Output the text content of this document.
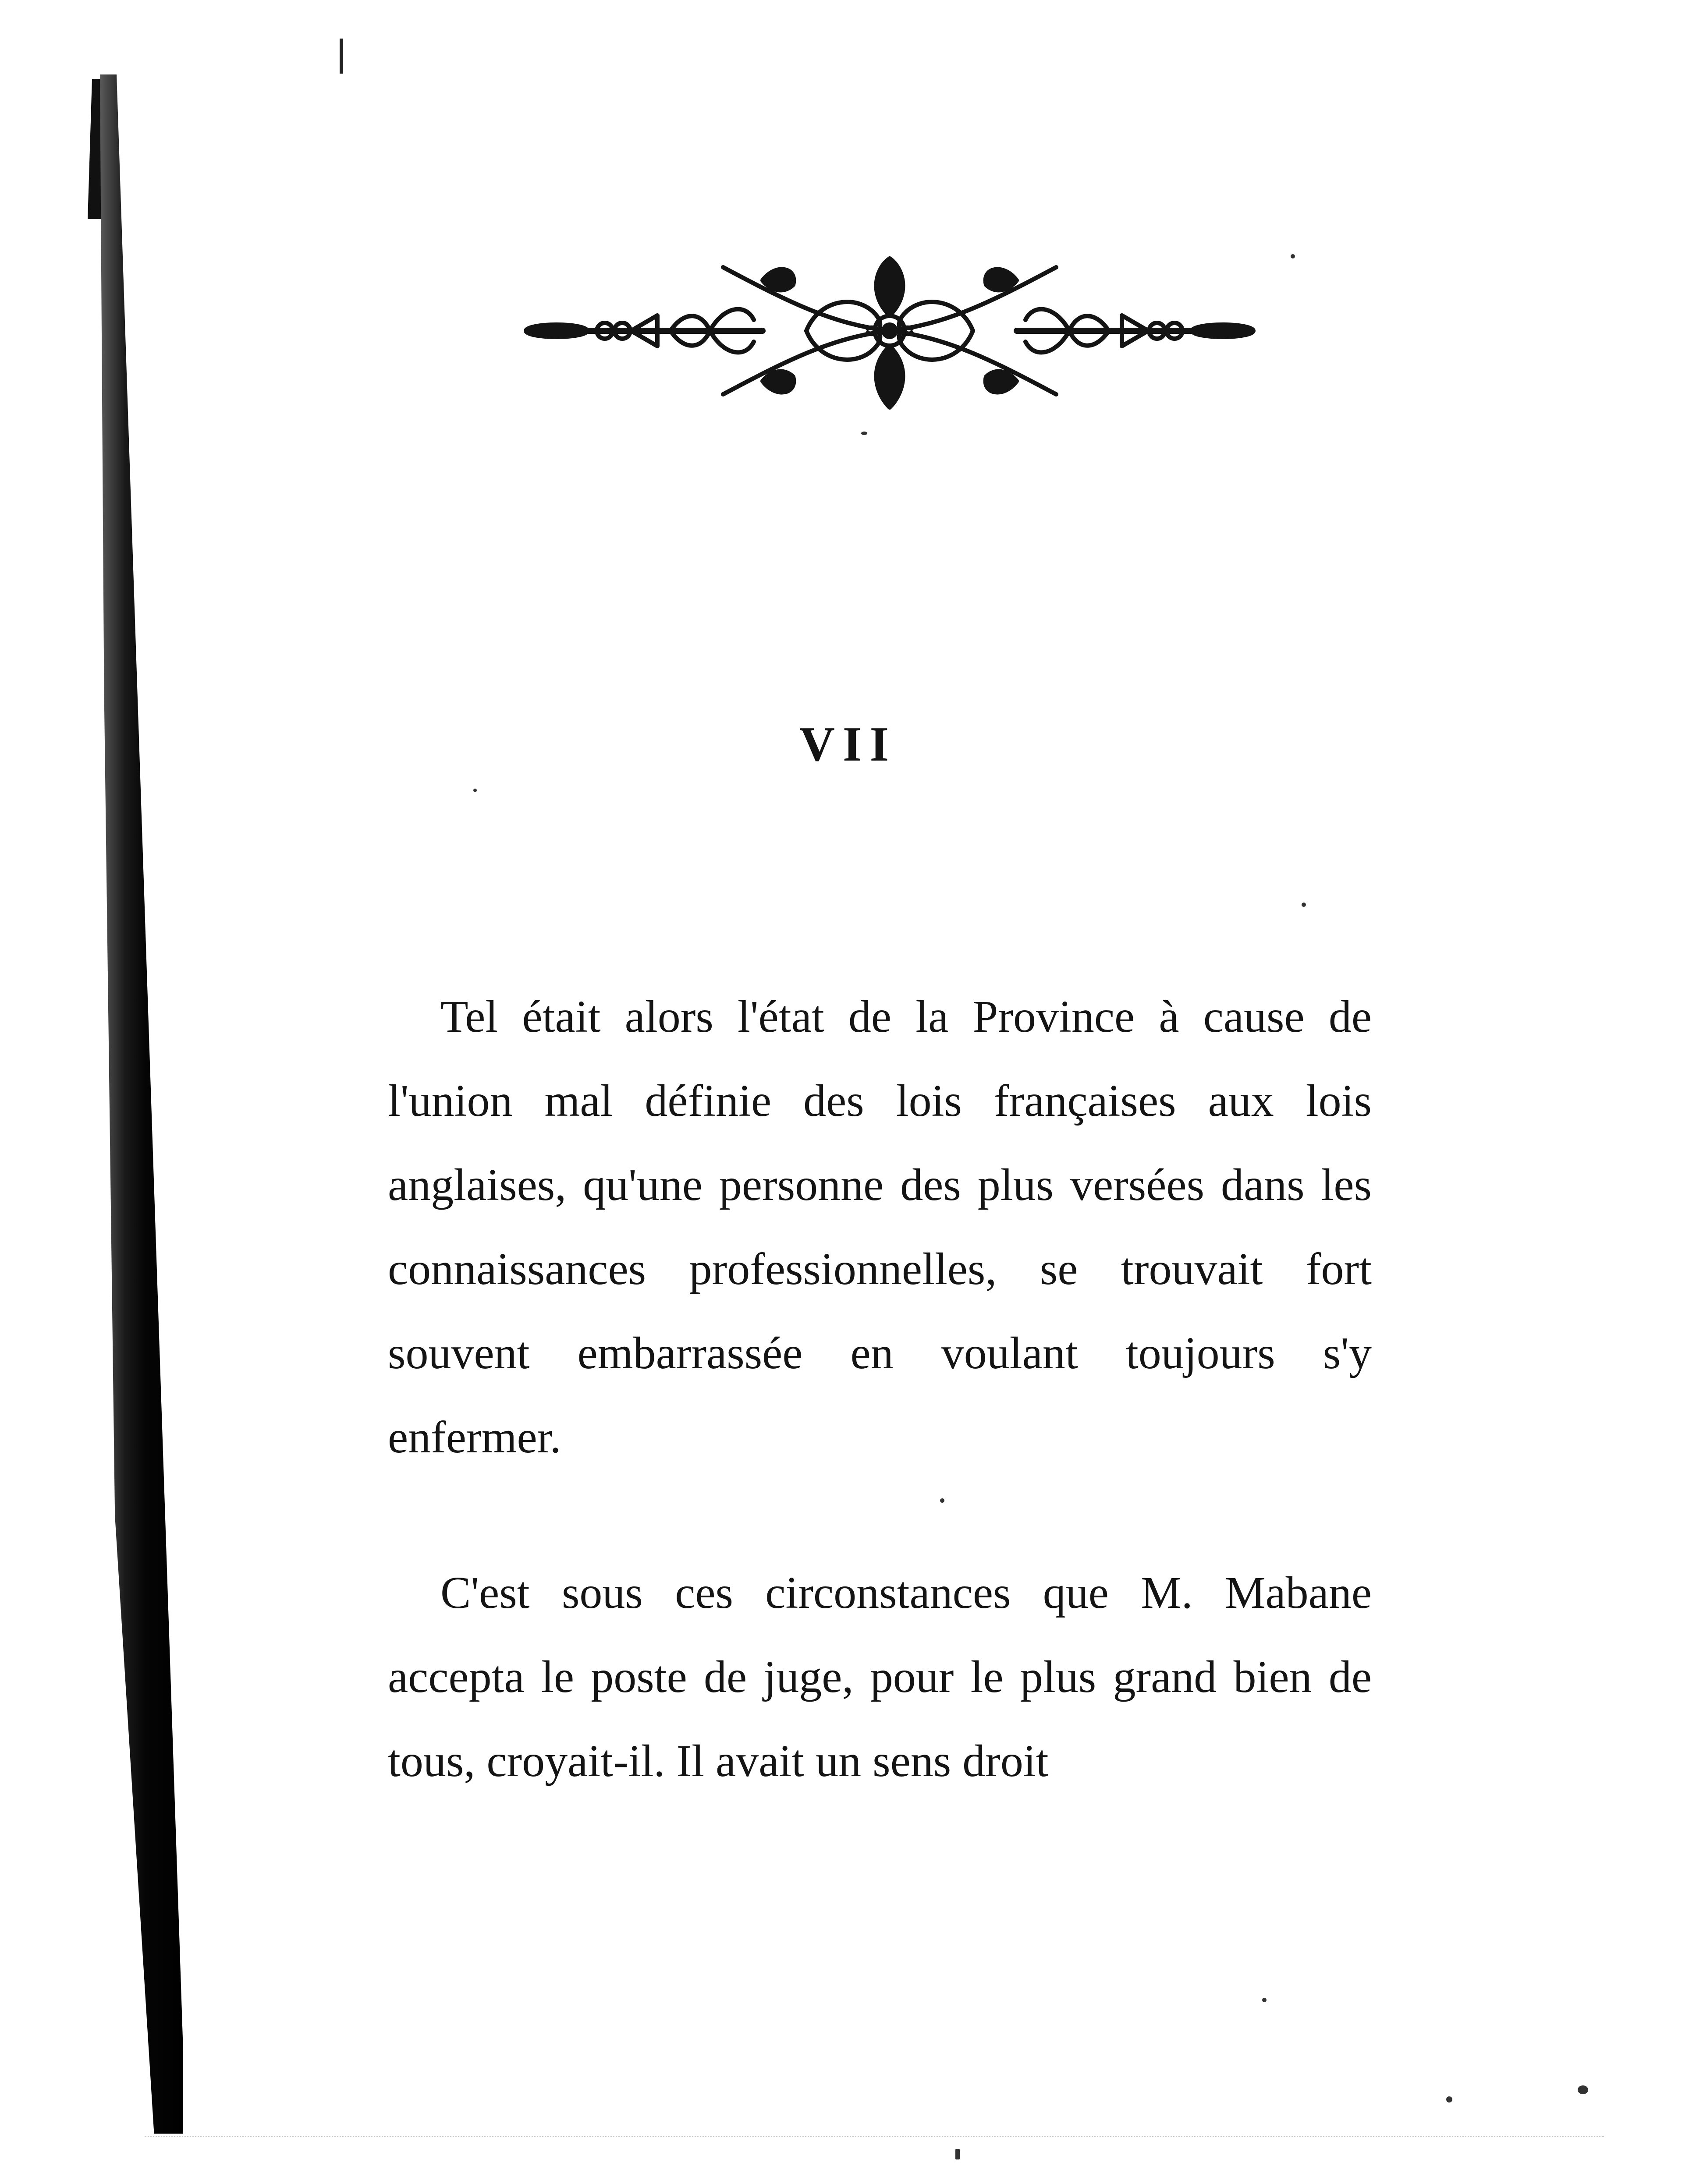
VII

Tel était alors l'état de la Province à cause de l'union mal définie des lois françaises aux lois anglaises, qu'une personne des plus versées dans les connaissances professionnelles, se trouvait fort souvent embarrassée en voulant toujours s'y enfermer.

C'est sous ces circonstances que M. Mabane accepta le poste de juge, pour le plus grand bien de tous, croyait-il. Il avait un sens droit
